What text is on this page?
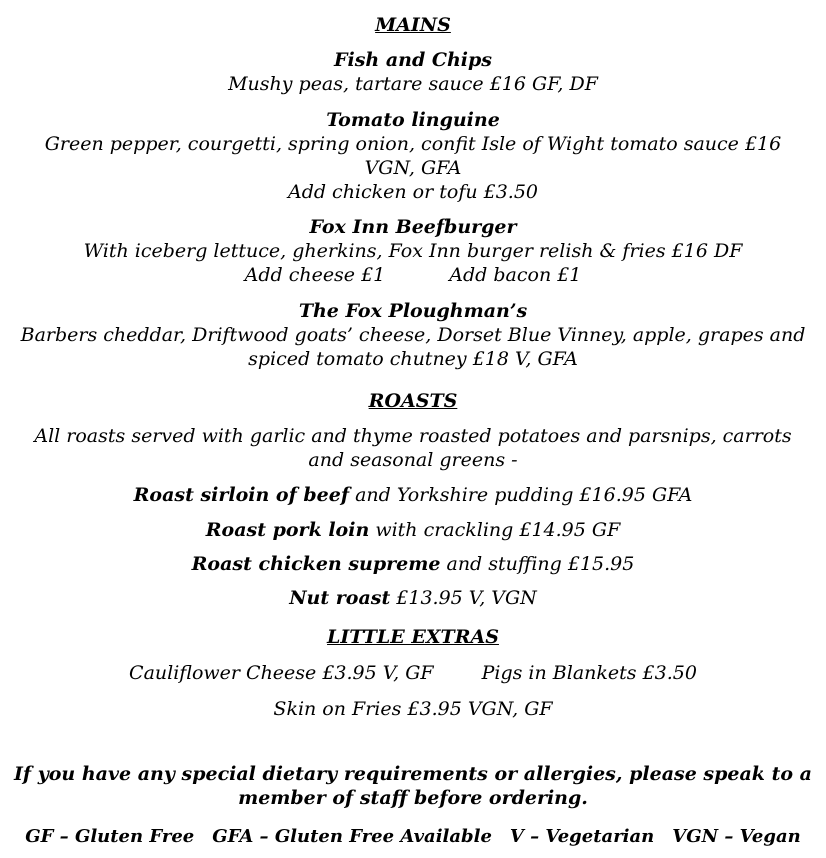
MAINS
Fish and Chips
Mushy peas, tartare sauce £16 GF, DF
Tomato linguine
Green pepper, courgetti, spring onion, confit Isle of Wight tomato sauce £16
VGN, GFA
Add chicken or tofu £3.50
Fox Inn Beefburger
With iceberg lettuce, gherkins, Fox Inn burger relish & fries £16 DF
Add cheese £1	Add bacon £1
The Fox Ploughman’s
Barbers cheddar, Driftwood goats’ cheese, Dorset Blue Vinney, apple, grapes and
spiced tomato chutney £18 V, GFA
ROASTS
All roasts served with garlic and thyme roasted potatoes and parsnips, carrots
and seasonal greens -
Roast sirloin of beef and Yorkshire pudding £16.95 GFA
Roast pork loin with crackling £14.95 GF
Roast chicken supreme and stuffing £15.95
Nut roast £13.95 V, VGN
LITTLE EXTRAS
Cauliflower Cheese £3.95 V, GF	Pigs in Blankets £3.50
Skin on Fries £3.95 VGN, GF
If you have any special dietary requirements or allergies, please speak to a
member of staff before ordering.
GF – Gluten Free GFA – Gluten Free Available V – Vegetarian VGN – Vegan
